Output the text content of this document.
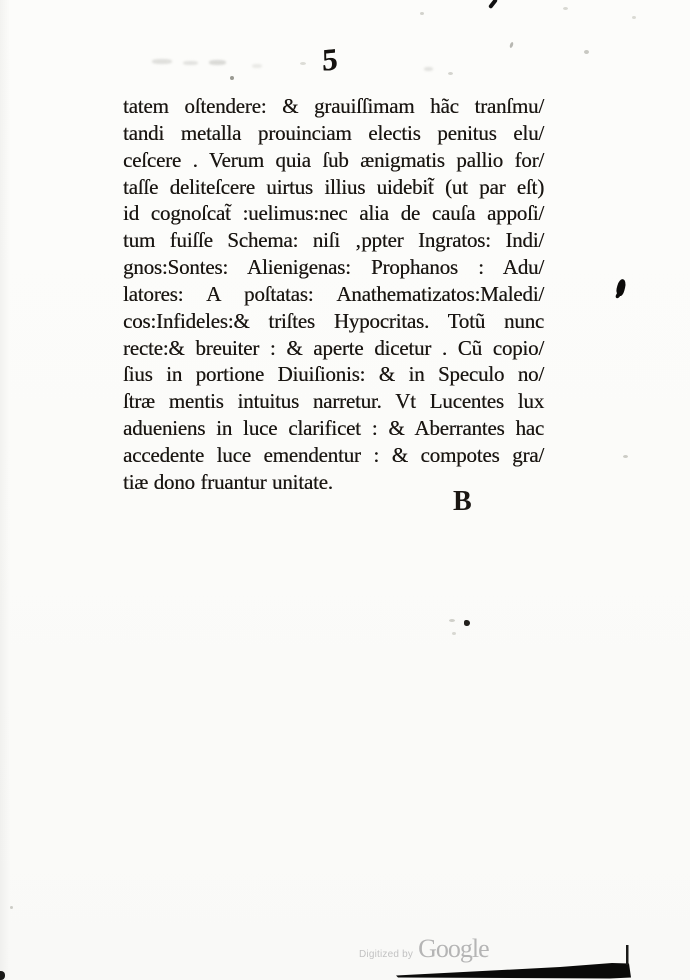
5
tatem oſtendere: & grauiſſimam hãc tranſmu/
tandi metalla prouinciam electis penitus elu/
ceſcere . Verum quia ſub ænigmatis pallio for/
taſſe deliteſcere uirtus illius uidebit̃ (ut par eſt)
id cognoſcat̃ :uelimus:nec alia de cauſa appoſi/
tum fuiſſe Schema: niſi ‚ppter Ingratos: Indi/
gnos:Sontes: Alienigenas: Prophanos : Adu/
latores: A poſtatas: Anathematizatos:Maledi/
cos:Infideles:& triſtes Hypocritas. Totũ nunc
recte:& breuiter : & aperte dicetur . Cũ copio/
ſius in portione Diuiſionis: & in Speculo no/
ſtræ mentis intuitus narretur. Vt Lucentes lux
adueniens in luce clarificet : & Aberrantes hac
accedente luce emendentur : & compotes gra/
tiæ dono fruantur unitate.
B
Digitized by Google
